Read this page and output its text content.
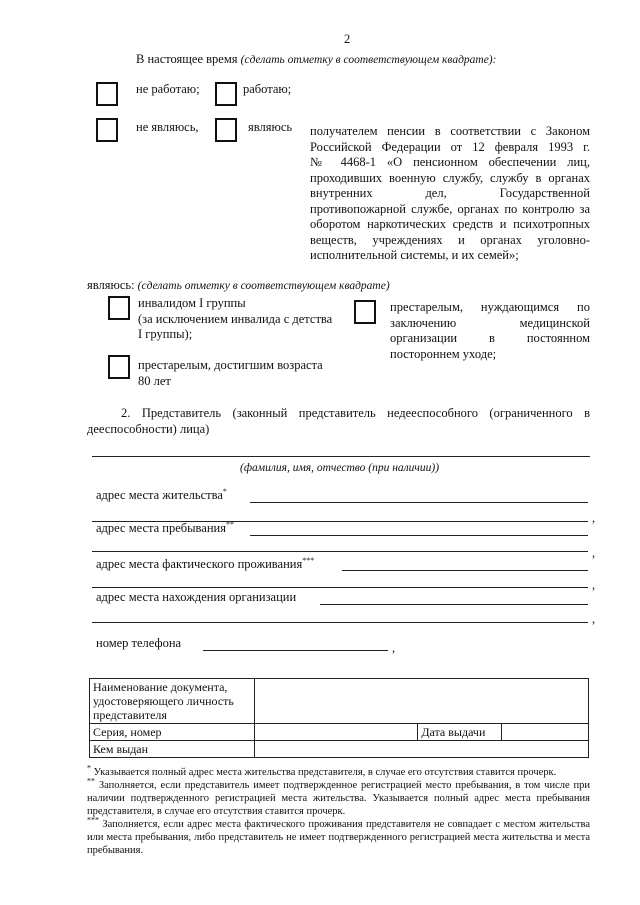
2
В настоящее время (сделать отметку в соответствующем квадрате):
не работаю;	работаю;
не являюсь,	являюсь получателем пенсии в соответствии с Законом
Российской Федерации от 12 февраля 1993 г.
№ 4468-1 «О пенсионном обеспечении лиц,
проходивших военную службу, службу в органах
внутренних дел, Государственной
противопожарной службе, органах по контролю за
оборотом наркотических средств и психотропных
веществ, учреждениях и органах уголовно-
исполнительной системы, и их семей»;
являюсь: (сделать отметку в соответствующем квадрате)
инвалидом I группы
(за исключением инвалида с детства
I группы);
престарелым, нуждающимся по
заключению медицинской
организации в постоянном
постороннем уходе;
престарелым, достигшим возраста
80 лет
2. Представитель (законный представитель недееспособного (ограниченного в
дееспособности) лица)
(фамилия, имя, отчество (при наличии))
адрес места жительства*
,
адрес места пребывания**
,
адрес места фактического проживания***
,
адрес места нахождения организации
,
номер телефона	,
Наименование документа,
удостоверяющего личность
представителя			

Серия, номер		Дата выдачи	
Кем выдан			
* Указывается полный адрес места жительства представителя, в случае его отсутствия ставится прочерк.
** Заполняется, если представитель имеет подтвержденное регистрацией место пребывания, в том числе при наличии подтвержденного регистрацией места жительства. Указывается полный адрес места пребывания представителя, в случае его отсутствия ставится прочерк.
*** Заполняется, если адрес места фактического проживания представителя не совпадает с местом жительства или места пребывания, либо представитель не имеет подтвержденного регистрацией места жительства и места пребывания.
